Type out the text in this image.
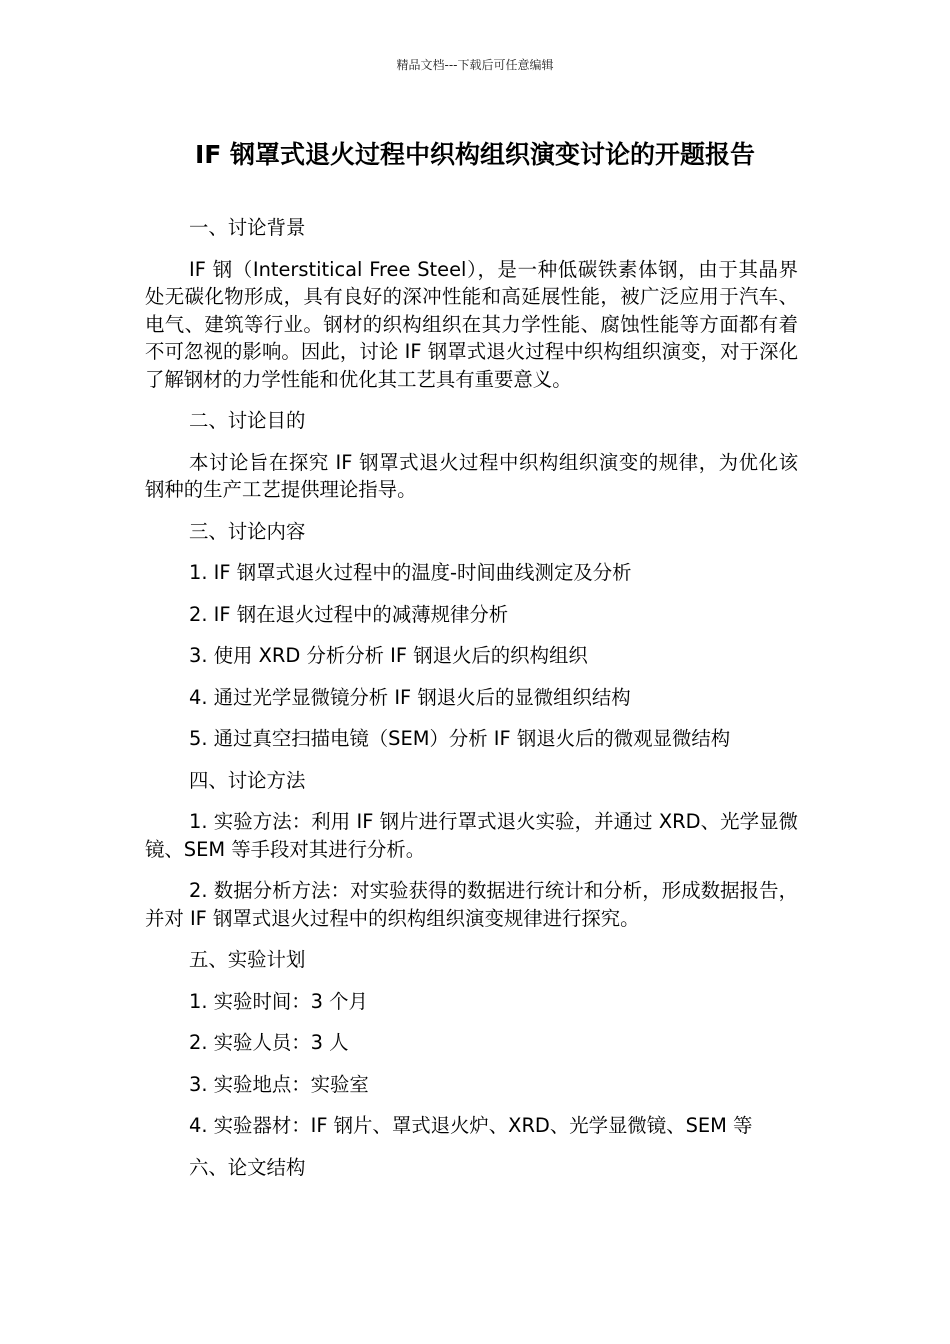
精品文档---下载后可任意编辑
IF 钢罩式退火过程中织构组织演变讨论的开题报告

一、讨论背景

IF 钢（Interstitical Free Steel），是一种低碳铁素体钢，由于其晶界处无碳化物形成，具有良好的深冲性能和高延展性能，被广泛应用于汽车、电气、建筑等行业。钢材的织构组织在其力学性能、腐蚀性能等方面都有着不可忽视的影响。因此，讨论 IF 钢罩式退火过程中织构组织演变，对于深化了解钢材的力学性能和优化其工艺具有重要意义。

二、讨论目的

本讨论旨在探究 IF 钢罩式退火过程中织构组织演变的规律，为优化该钢种的生产工艺提供理论指导。

三、讨论内容

1. IF 钢罩式退火过程中的温度-时间曲线测定及分析

2. IF 钢在退火过程中的减薄规律分析

3. 使用 XRD 分析分析 IF 钢退火后的织构组织

4. 通过光学显微镜分析 IF 钢退火后的显微组织结构

5. 通过真空扫描电镜（SEM）分析 IF 钢退火后的微观显微结构

四、讨论方法

1. 实验方法：利用 IF 钢片进行罩式退火实验，并通过 XRD、光学显微镜、SEM 等手段对其进行分析。

2. 数据分析方法：对实验获得的数据进行统计和分析，形成数据报告，并对 IF 钢罩式退火过程中的织构组织演变规律进行探究。

五、实验计划

1. 实验时间：3 个月

2. 实验人员：3 人

3. 实验地点：实验室

4. 实验器材：IF 钢片、罩式退火炉、XRD、光学显微镜、SEM 等

六、论文结构
